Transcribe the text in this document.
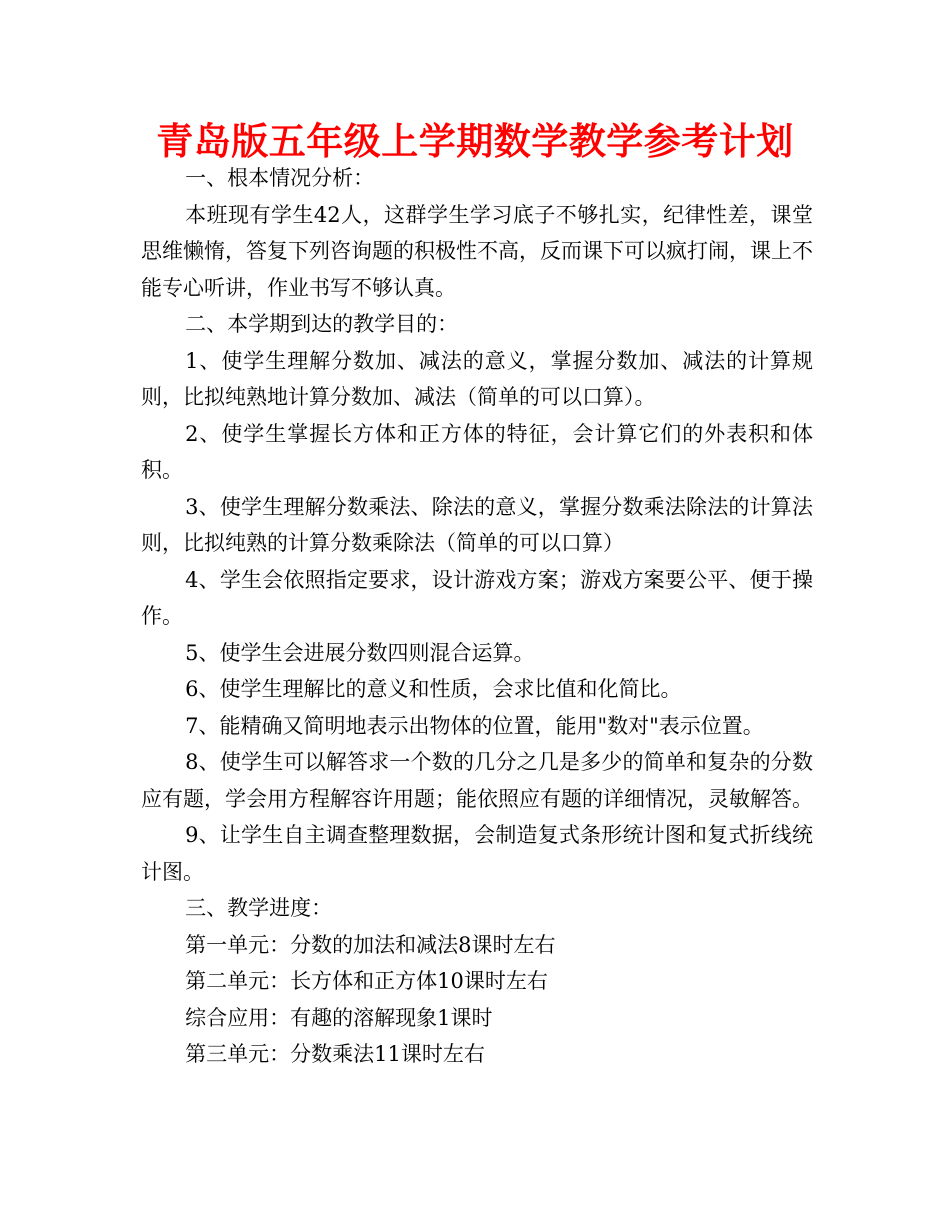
青岛版五年级上学期数学教学参考计划

一、根本情况分析：

本班现有学生42人，这群学生学习底子不够扎实，纪律性差，课堂思维懒惰，答复下列咨询题的积极性不高，反而课下可以疯打闹，课上不能专心听讲，作业书写不够认真。

二、本学期到达的教学目的：

1、使学生理解分数加、减法的意义，掌握分数加、减法的计算规则，比拟纯熟地计算分数加、减法（简单的可以口算）。

2、使学生掌握长方体和正方体的特征，会计算它们的外表积和体积。

3、使学生理解分数乘法、除法的意义，掌握分数乘法除法的计算法则，比拟纯熟的计算分数乘除法（简单的可以口算）

4、学生会依照指定要求，设计游戏方案；游戏方案要公平、便于操作。

5、使学生会进展分数四则混合运算。

6、使学生理解比的意义和性质，会求比值和化简比。

7、能精确又简明地表示出物体的位置，能用"数对"表示位置。

8、使学生可以解答求一个数的几分之几是多少的简单和复杂的分数应有题，学会用方程解容许用题；能依照应有题的详细情况，灵敏解答。

9、让学生自主调查整理数据，会制造复式条形统计图和复式折线统计图。

三、教学进度：

第一单元：分数的加法和减法8课时左右

第二单元：长方体和正方体10课时左右

综合应用：有趣的溶解现象1课时

第三单元：分数乘法11课时左右
